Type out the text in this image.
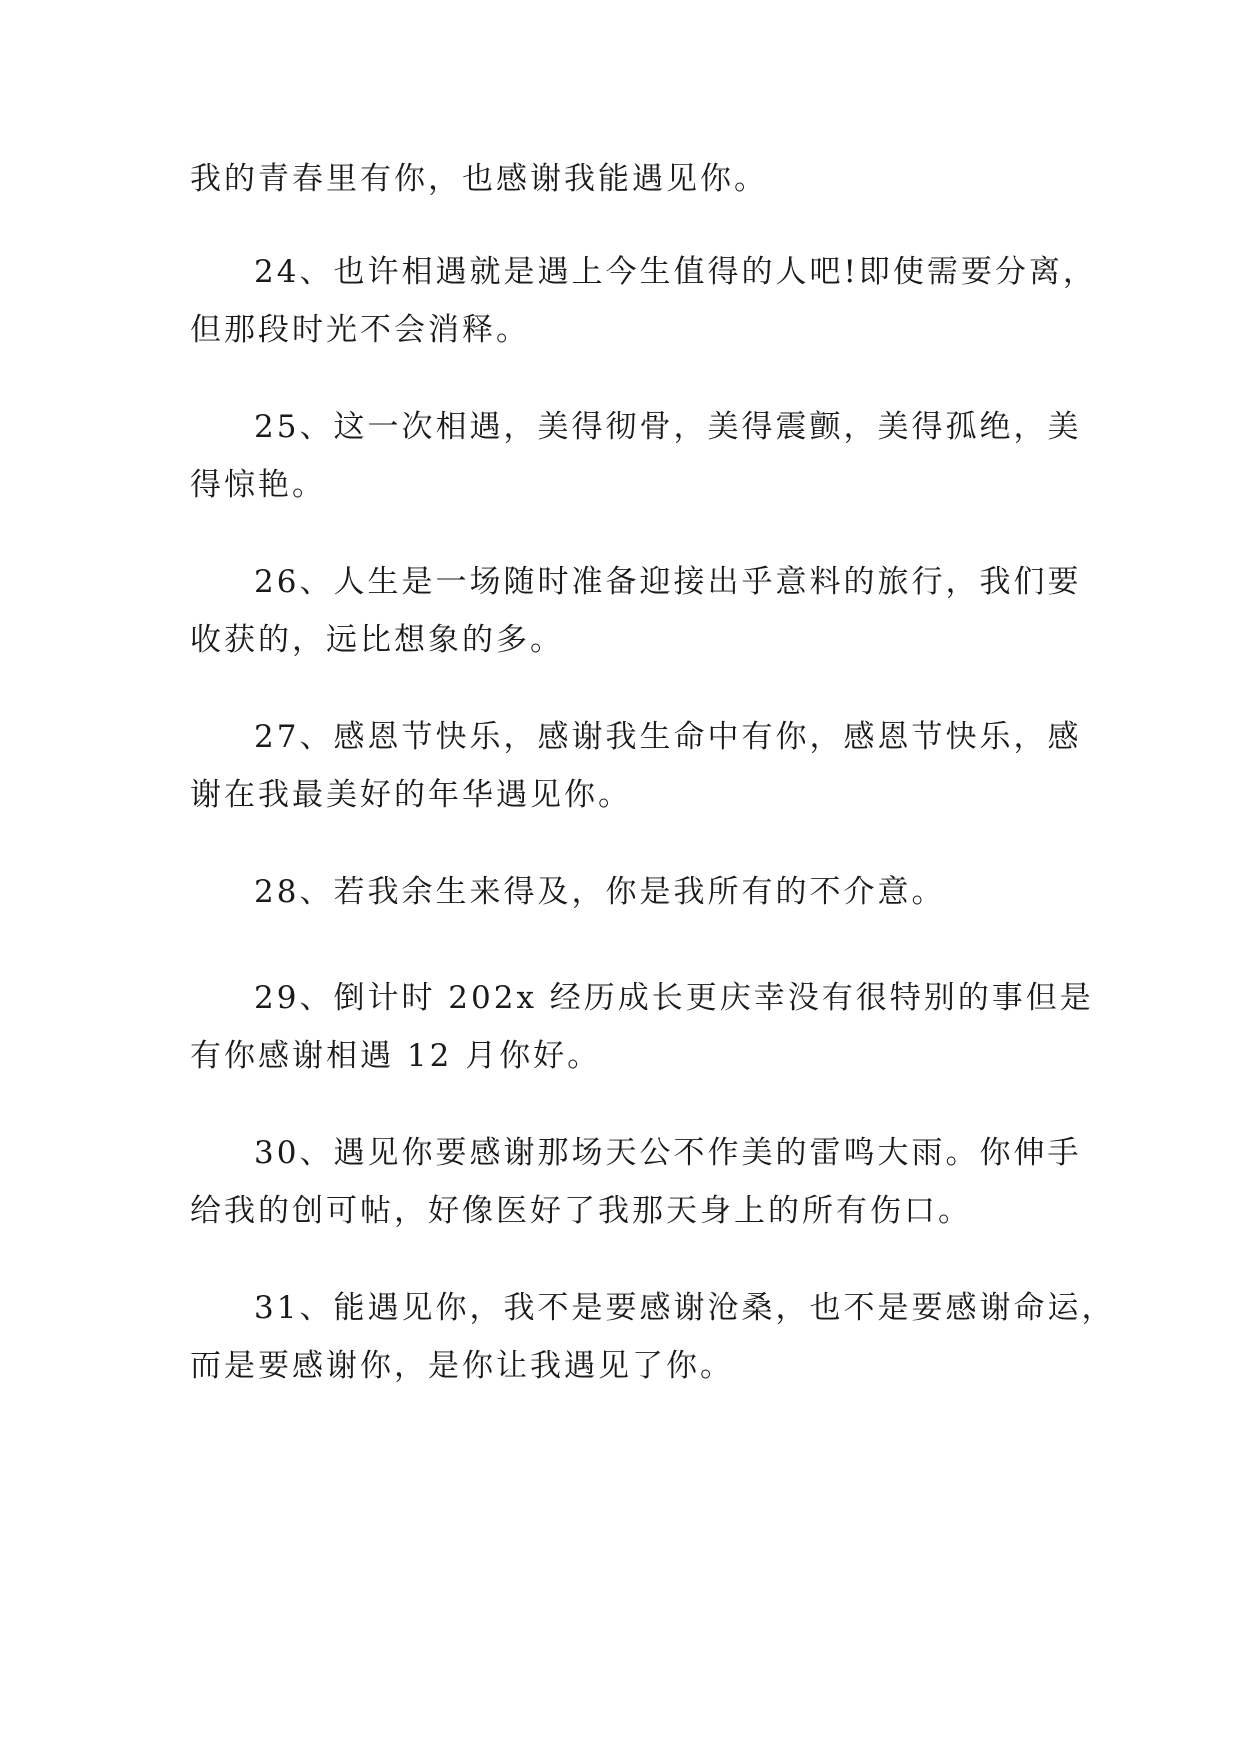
我的青春里有你，也感谢我能遇见你。
24、也许相遇就是遇上今生值得的人吧!即使需要分离，
但那段时光不会消释。
25、这一次相遇，美得彻骨，美得震颤，美得孤绝，美
得惊艳。
26、人生是一场随时准备迎接出乎意料的旅行，我们要
收获的，远比想象的多。
27、感恩节快乐，感谢我生命中有你，感恩节快乐，感
谢在我最美好的年华遇见你。
28、若我余生来得及，你是我所有的不介意。
29、倒计时 202x 经历成长更庆幸没有很特别的事但是
有你感谢相遇 12 月你好。
30、遇见你要感谢那场天公不作美的雷鸣大雨。你伸手
给我的创可帖，好像医好了我那天身上的所有伤口。
31、能遇见你，我不是要感谢沧桑，也不是要感谢命运，
而是要感谢你，是你让我遇见了你。
